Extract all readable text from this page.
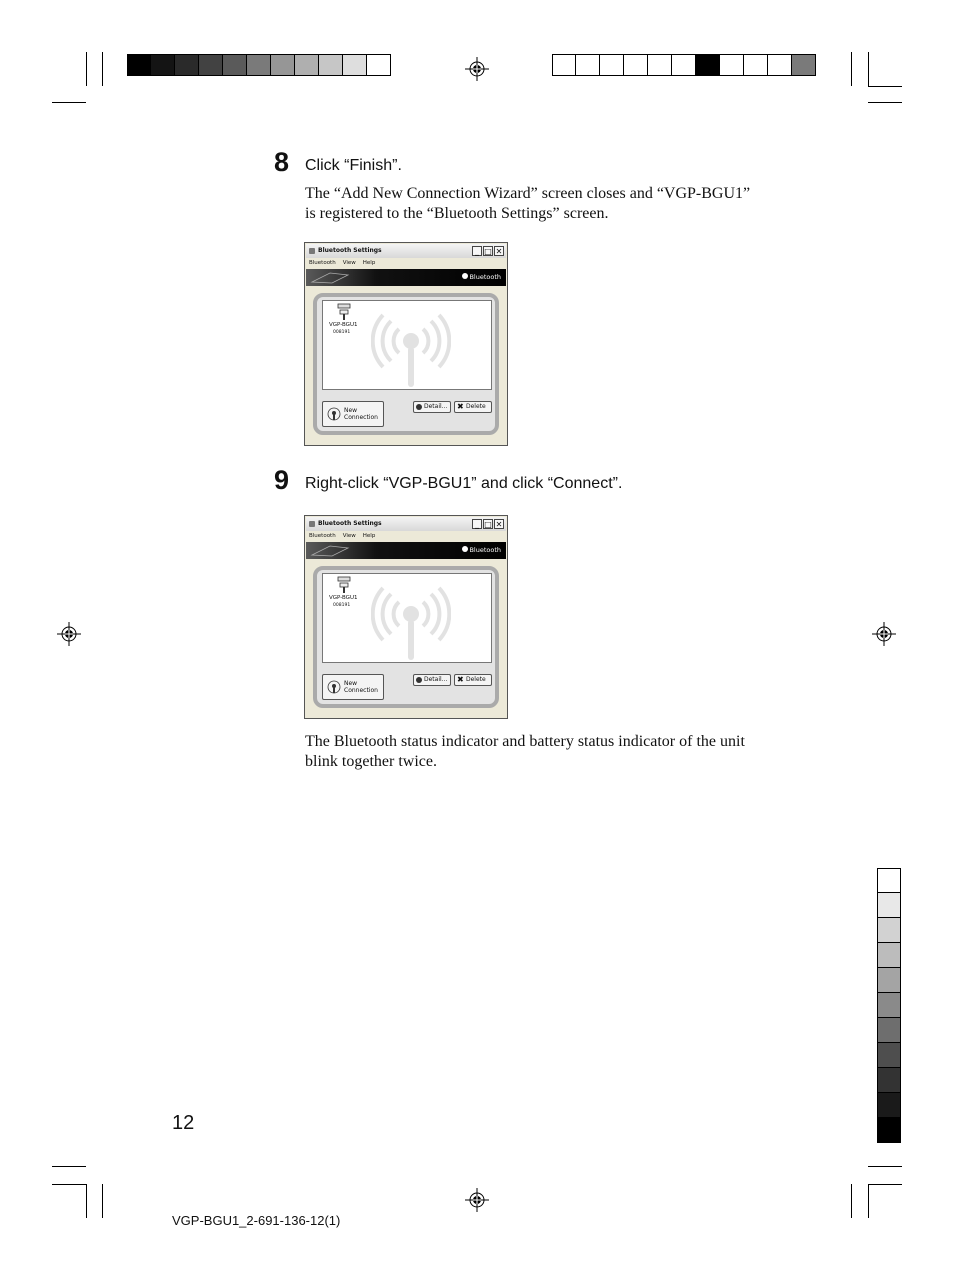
8 Click “Finish”.
The “Add New Connection Wizard” screen closes and “VGP-BGU1”
is registered to the “Bluetooth Settings” screen.
Bluetooth Settings	_ □ ✕
Bluetooth View Help
Bluetooth
VGP-BGU1
008191
New
Connection
Detail...	✖ Delete
9 Right-click “VGP-BGU1” and click “Connect”.
Bluetooth Settings	_ □ ✕
Bluetooth View Help
Bluetooth
VGP-BGU1
008191
New
Connection
Detail...	✖ Delete
The Bluetooth status indicator and battery status indicator of the unit
blink together twice.
12
VGP-BGU1_2-691-136-12(1)
